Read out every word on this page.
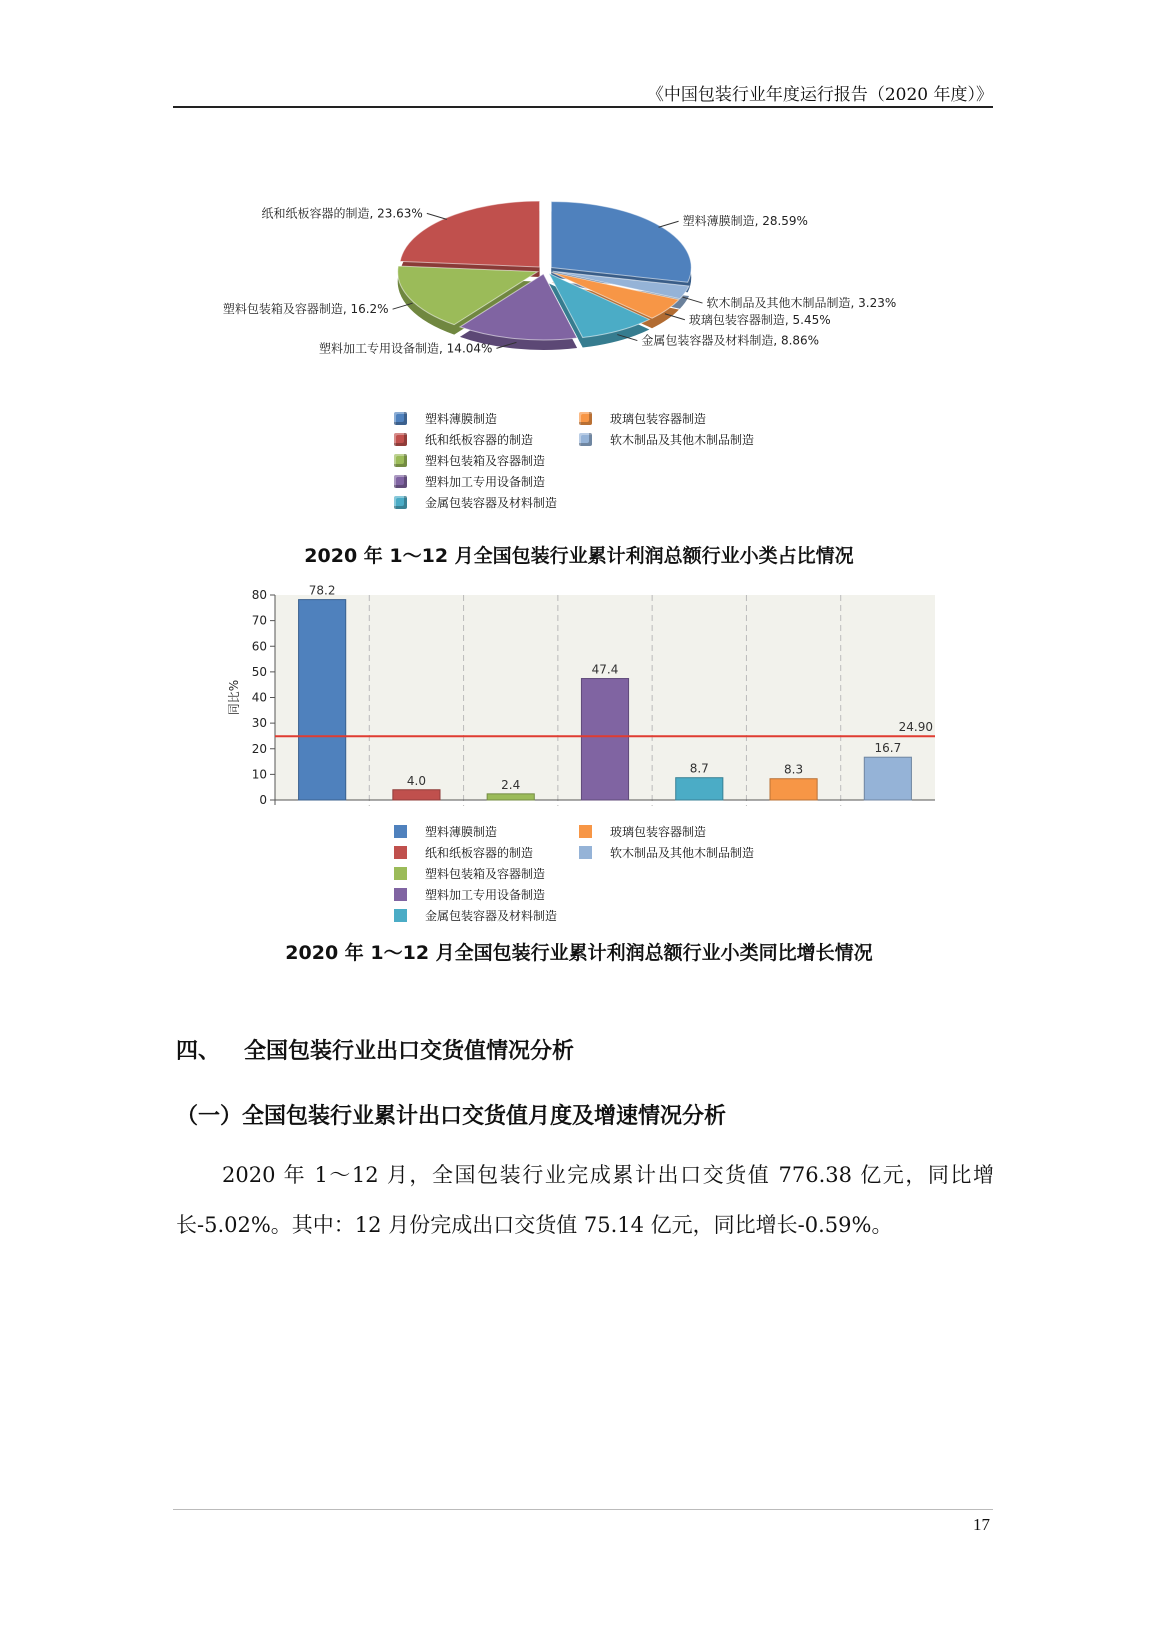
《中国包装行业年度运行报告（2020 年度）》
塑料薄膜制造, 28.59%
软木制品及其他木制品制造, 3.23%
玻璃包装容器制造, 5.45%
金属包装容器及材料制造, 8.86%
塑料加工专用设备制造, 14.04%
塑料包装箱及容器制造, 16.2%
纸和纸板容器的制造, 23.63%
塑料薄膜制造	玻璃包装容器制造
纸和纸板容器的制造	软木制品及其他木制品制造
塑料包装箱及容器制造
塑料加工专用设备制造
金属包装容器及材料制造
2020 年 1～12 月全国包装行业累计利润总额行业小类占比情况
0
10
20
30
40
50
60
70
80
同比%
78.2
4.0	2.4
47.4
8.7	8.3
16.7
24.90
塑料薄膜制造	玻璃包装容器制造
纸和纸板容器的制造	软木制品及其他木制品制造
塑料包装箱及容器制造
塑料加工专用设备制造
金属包装容器及材料制造
2020 年 1～12 月全国包装行业累计利润总额行业小类同比增长情况
四、 全国包装行业出口交货值情况分析
（一）全国包装行业累计出口交货值月度及增速情况分析

2020 年 1～12 月，全国包装行业完成累计出口交货值 776.38 亿元，同比增长-5.02%。其中：12 月份完成出口交货值 75.14 亿元，同比增长-0.59%。

17
